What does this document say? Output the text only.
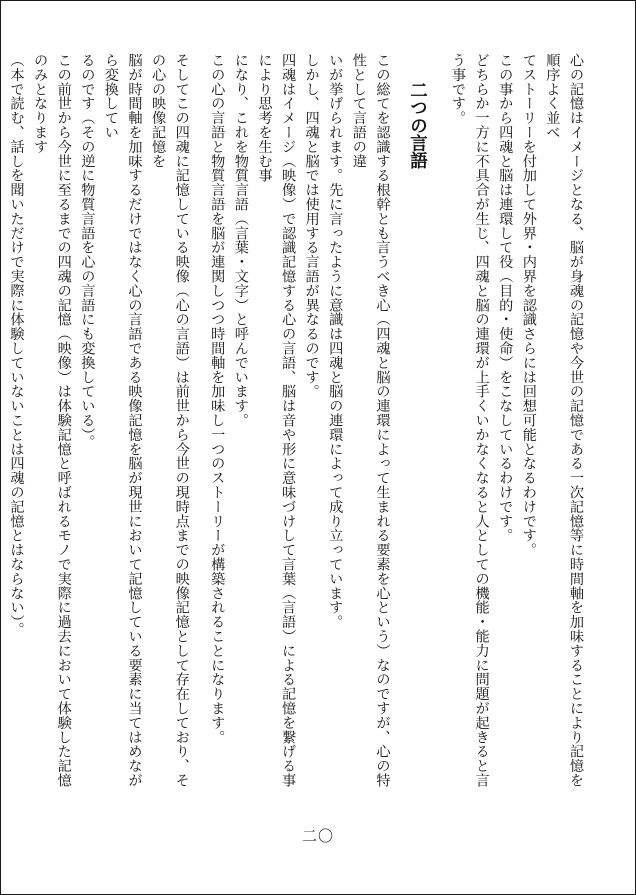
心の記憶はイメージとなる、脳が身魂の記憶や今世の記憶である一次記憶等に時間軸を加味することにより記憶を順序よく並べ
てストーリーを付加して外界・内界を認識さらには回想可能となるわけです。
この事から四魂と脳は連環して役（目的・使命）をこなしているわけです。
どちらか一方に不具合が生じ、四魂と脳の連環が上手くいかなくなると人としての機能・能力に問題が起きると言う事です。
二つの言語
この総てを認識する根幹とも言うべき心（四魂と脳の連環によって生まれる要素を心という）なのですが、心の特性として言語の違
いが挙げられます。先に言ったように意識は四魂と脳の連環によって成り立っています。
しかし、四魂と脳では使用する言語が異なるのです。
四魂はイメージ（映像）で認識記憶する心の言語、脳は音や形に意味づけして言葉（言語）による記憶を繋げる事により思考を生む事
になり、これを物質言語（言葉・文字）と呼んでいます。
この心の言語と物質言語を脳が連関しつつ時間軸を加味し一つのストーリーが構築されることになります。
そしてこの四魂に記憶している映像（心の言語）は前世から今世の現時点までの映像記憶として存在しており、その心の映像記憶を
脳が時間軸を加味するだけではなく心の言語である映像記憶を脳が現世において記憶している要素に当てはめながら変換してい
るのです（その逆に物質言語を心の言語にも変換している）。
この前世から今世に至るまでの四魂の記憶（映像）は体験記憶と呼ばれるモノで実際に過去において体験した記憶のみとなります
（本で読む、話しを聞いただけで実際に体験していないことは四魂の記憶とはならない）。
二〇
